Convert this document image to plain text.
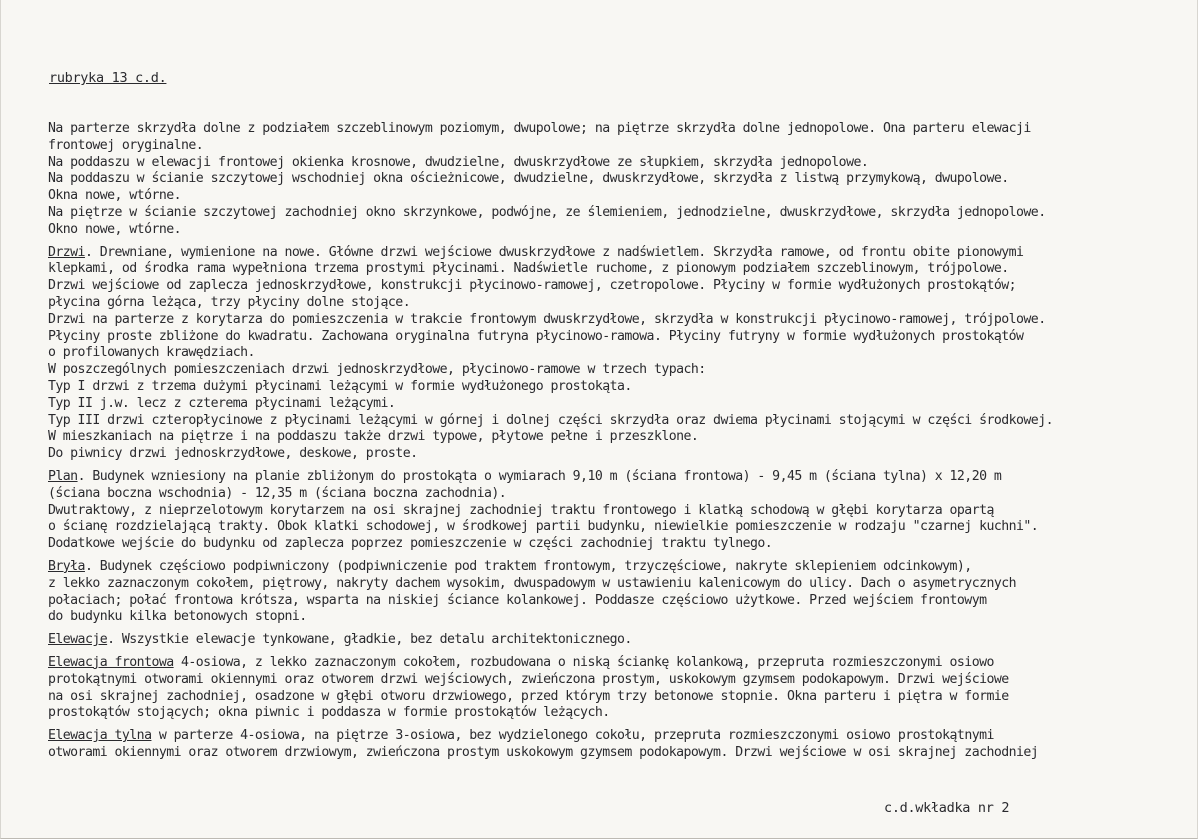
rubryka 13 c.d.
Na parterze skrzydła dolne z podziałem szczeblinowym poziomym, dwupolowe; na piętrze skrzydła dolne jednopolowe. Ona parteru elewacji
frontowej oryginalne.
Na poddaszu w elewacji frontowej okienka krosnowe, dwudzielne, dwuskrzydłowe ze słupkiem, skrzydła jednopolowe.
Na poddaszu w ścianie szczytowej wschodniej okna ościeżnicowe, dwudzielne, dwuskrzydłowe, skrzydła z listwą przymykową, dwupolowe.
Okna nowe, wtórne.
Na piętrze w ścianie szczytowej zachodniej okno skrzynkowe, podwójne, ze ślemieniem, jednodzielne, dwuskrzydłowe, skrzydła jednopolowe.
Okno nowe, wtórne.
Drzwi. Drewniane, wymienione na nowe. Główne drzwi wejściowe dwuskrzydłowe z nadświetlem. Skrzydła ramowe, od frontu obite pionowymi
klepkami, od środka rama wypełniona trzema prostymi płycinami. Nadświetle ruchome, z pionowym podziałem szczeblinowym, trójpolowe.
Drzwi wejściowe od zaplecza jednoskrzydłowe, konstrukcji płycinowo-ramowej, czetropolowe. Płyciny w formie wydłużonych prostokątów;
płycina górna leżąca, trzy płyciny dolne stojące.
Drzwi na parterze z korytarza do pomieszczenia w trakcie frontowym dwuskrzydłowe, skrzydła w konstrukcji płycinowo-ramowej, trójpolowe.
Płyciny proste zbliżone do kwadratu. Zachowana oryginalna futryna płycinowo-ramowa. Płyciny futryny w formie wydłużonych prostokątów
o profilowanych krawędziach.
W poszczególnych pomieszczeniach drzwi jednoskrzydłowe, płycinowo-ramowe w trzech typach:
Typ I drzwi z trzema dużymi płycinami leżącymi w formie wydłużonego prostokąta.
Typ II j.w. lecz z czterema płycinami leżącymi.
Typ III drzwi czteropłycinowe z płycinami leżącymi w górnej i dolnej części skrzydła oraz dwiema płycinami stojącymi w części środkowej.
W mieszkaniach na piętrze i na poddaszu także drzwi typowe, płytowe pełne i przeszklone.
Do piwnicy drzwi jednoskrzydłowe, deskowe, proste.
Plan. Budynek wzniesiony na planie zbliżonym do prostokąta o wymiarach 9,10 m (ściana frontowa) - 9,45 m (ściana tylna) x 12,20 m
(ściana boczna wschodnia) - 12,35 m (ściana boczna zachodnia).
Dwutraktowy, z nieprzelotowym korytarzem na osi skrajnej zachodniej traktu frontowego i klatką schodową w głębi korytarza opartą
o ścianę rozdzielającą trakty. Obok klatki schodowej, w środkowej partii budynku, niewielkie pomieszczenie w rodzaju "czarnej kuchni".
Dodatkowe wejście do budynku od zaplecza poprzez pomieszczenie w części zachodniej traktu tylnego.
Bryła. Budynek częściowo podpiwniczony (podpiwniczenie pod traktem frontowym, trzyczęściowe, nakryte sklepieniem odcinkowym),
z lekko zaznaczonym cokołem, piętrowy, nakryty dachem wysokim, dwuspadowym w ustawieniu kalenicowym do ulicy. Dach o asymetrycznych
połaciach; połać frontowa krótsza, wsparta na niskiej ściance kolankowej. Poddasze częściowo użytkowe. Przed wejściem frontowym
do budynku kilka betonowych stopni.
Elewacje. Wszystkie elewacje tynkowane, gładkie, bez detalu architektonicznego.
Elewacja frontowa 4-osiowa, z lekko zaznaczonym cokołem, rozbudowana o niską ściankę kolankową, przepruta rozmieszczonymi osiowo
protokątnymi otworami okiennymi oraz otworem drzwi wejściowych, zwieńczona prostym, uskokowym gzymsem podokapowym. Drzwi wejściowe
na osi skrajnej zachodniej, osadzone w głębi otworu drzwiowego, przed którym trzy betonowe stopnie. Okna parteru i piętra w formie
prostokątów stojących; okna piwnic i poddasza w formie prostokątów leżących.
Elewacja tylna w parterze 4-osiowa, na piętrze 3-osiowa, bez wydzielonego cokołu, przepruta rozmieszczonymi osiowo prostokątnymi
otworami okiennymi oraz otworem drzwiowym, zwieńczona prostym uskokowym gzymsem podokapowym. Drzwi wejściowe w osi skrajnej zachodniej
c.d.wkładka nr 2
